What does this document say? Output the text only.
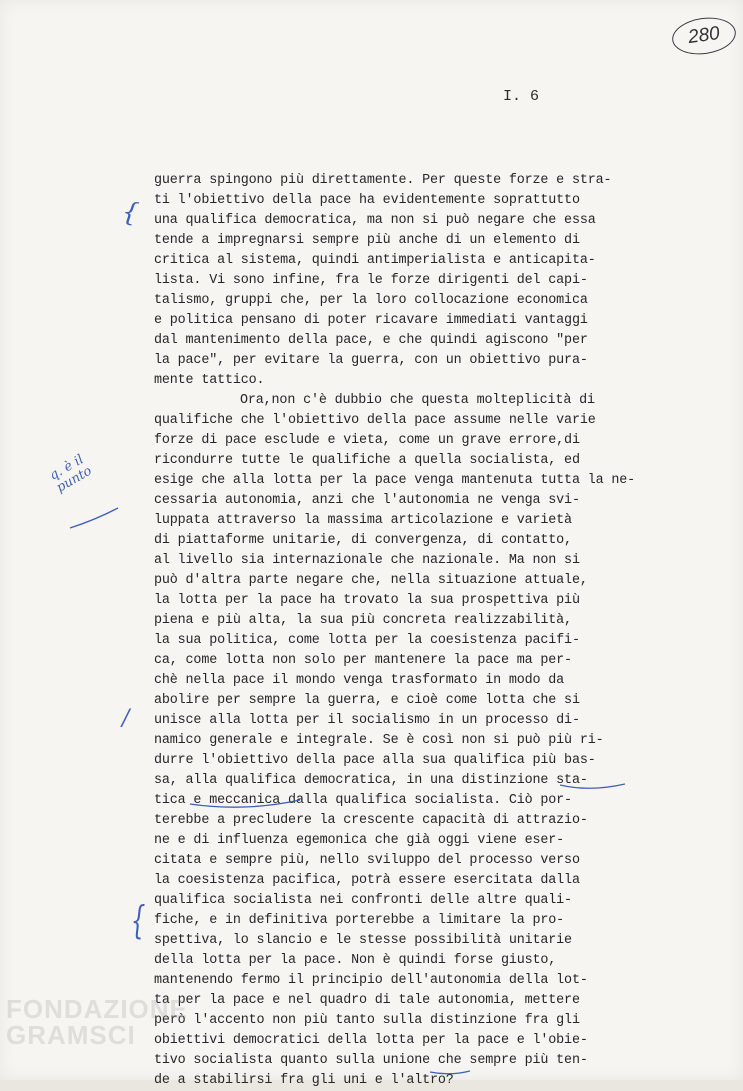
280
I. 6
guerra spingono più direttamente. Per queste forze e stra-
ti l'obiettivo della pace ha evidentemente soprattutto
una qualifica democratica, ma non si può negare che essa
tende a impregnarsi sempre più anche di un elemento di
critica al sistema, quindi antimperialista e anticapita-
lista. Vi sono infine, fra le forze dirigenti del capi-
talismo, gruppi che, per la loro collocazione economica
e politica pensano di poter ricavare immediati vantaggi
dal mantenimento della pace, e che quindi agiscono "per
la pace", per evitare la guerra, con un obiettivo pura-
mente tattico.
Ora,non c'è dubbio che questa molteplicità di
qualifiche che l'obiettivo della pace assume nelle varie
forze di pace esclude e vieta, come un grave errore,di
ricondurre tutte le qualifiche a quella socialista, ed
esige che alla lotta per la pace venga mantenuta tutta la ne-
cessaria autonomia, anzi che l'autonomia ne venga svi-
luppata attraverso la massima articolazione e varietà
di piattaforme unitarie, di convergenza, di contatto,
al livello sia internazionale che nazionale. Ma non si
può d'altra parte negare che, nella situazione attuale,
la lotta per la pace ha trovato la sua prospettiva più
piena e più alta, la sua più concreta realizzabilità,
la sua politica, come lotta per la coesistenza pacifi-
ca, come lotta non solo per mantenere la pace ma per-
chè nella pace il mondo venga trasformato in modo da
abolire per sempre la guerra, e cioè come lotta che si
unisce alla lotta per il socialismo in un processo di-
namico generale e integrale. Se è così non si può più ri-
durre l'obiettivo della pace alla sua qualifica più bas-
sa, alla qualifica democratica, in una distinzione sta-
tica e meccanica dalla qualifica socialista. Ciò por-
terebbe a precludere la crescente capacità di attrazio-
ne e di influenza egemonica che già oggi viene eser-
citata e sempre più, nello sviluppo del processo verso
la coesistenza pacifica, potrà essere esercitata dalla
qualifica socialista nei confronti delle altre quali-
fiche, e in definitiva porterebbe a limitare la pro-
spettiva, lo slancio e le stesse possibilità unitarie
della lotta per la pace. Non è quindi forse giusto,
mantenendo fermo il principio dell'autonomia della lot-
ta per la pace e nel quadro di tale autonomia, mettere
però l'accento non più tanto sulla distinzione fra gli
obiettivi democratici della lotta per la pace e l'obie-
tivo socialista quanto sulla unione che sempre più ten-
de a stabilirsi fra gli uni e l'altro?
{
/
{
q. è il
punto
FONDAZIONE
GRAMSCI
